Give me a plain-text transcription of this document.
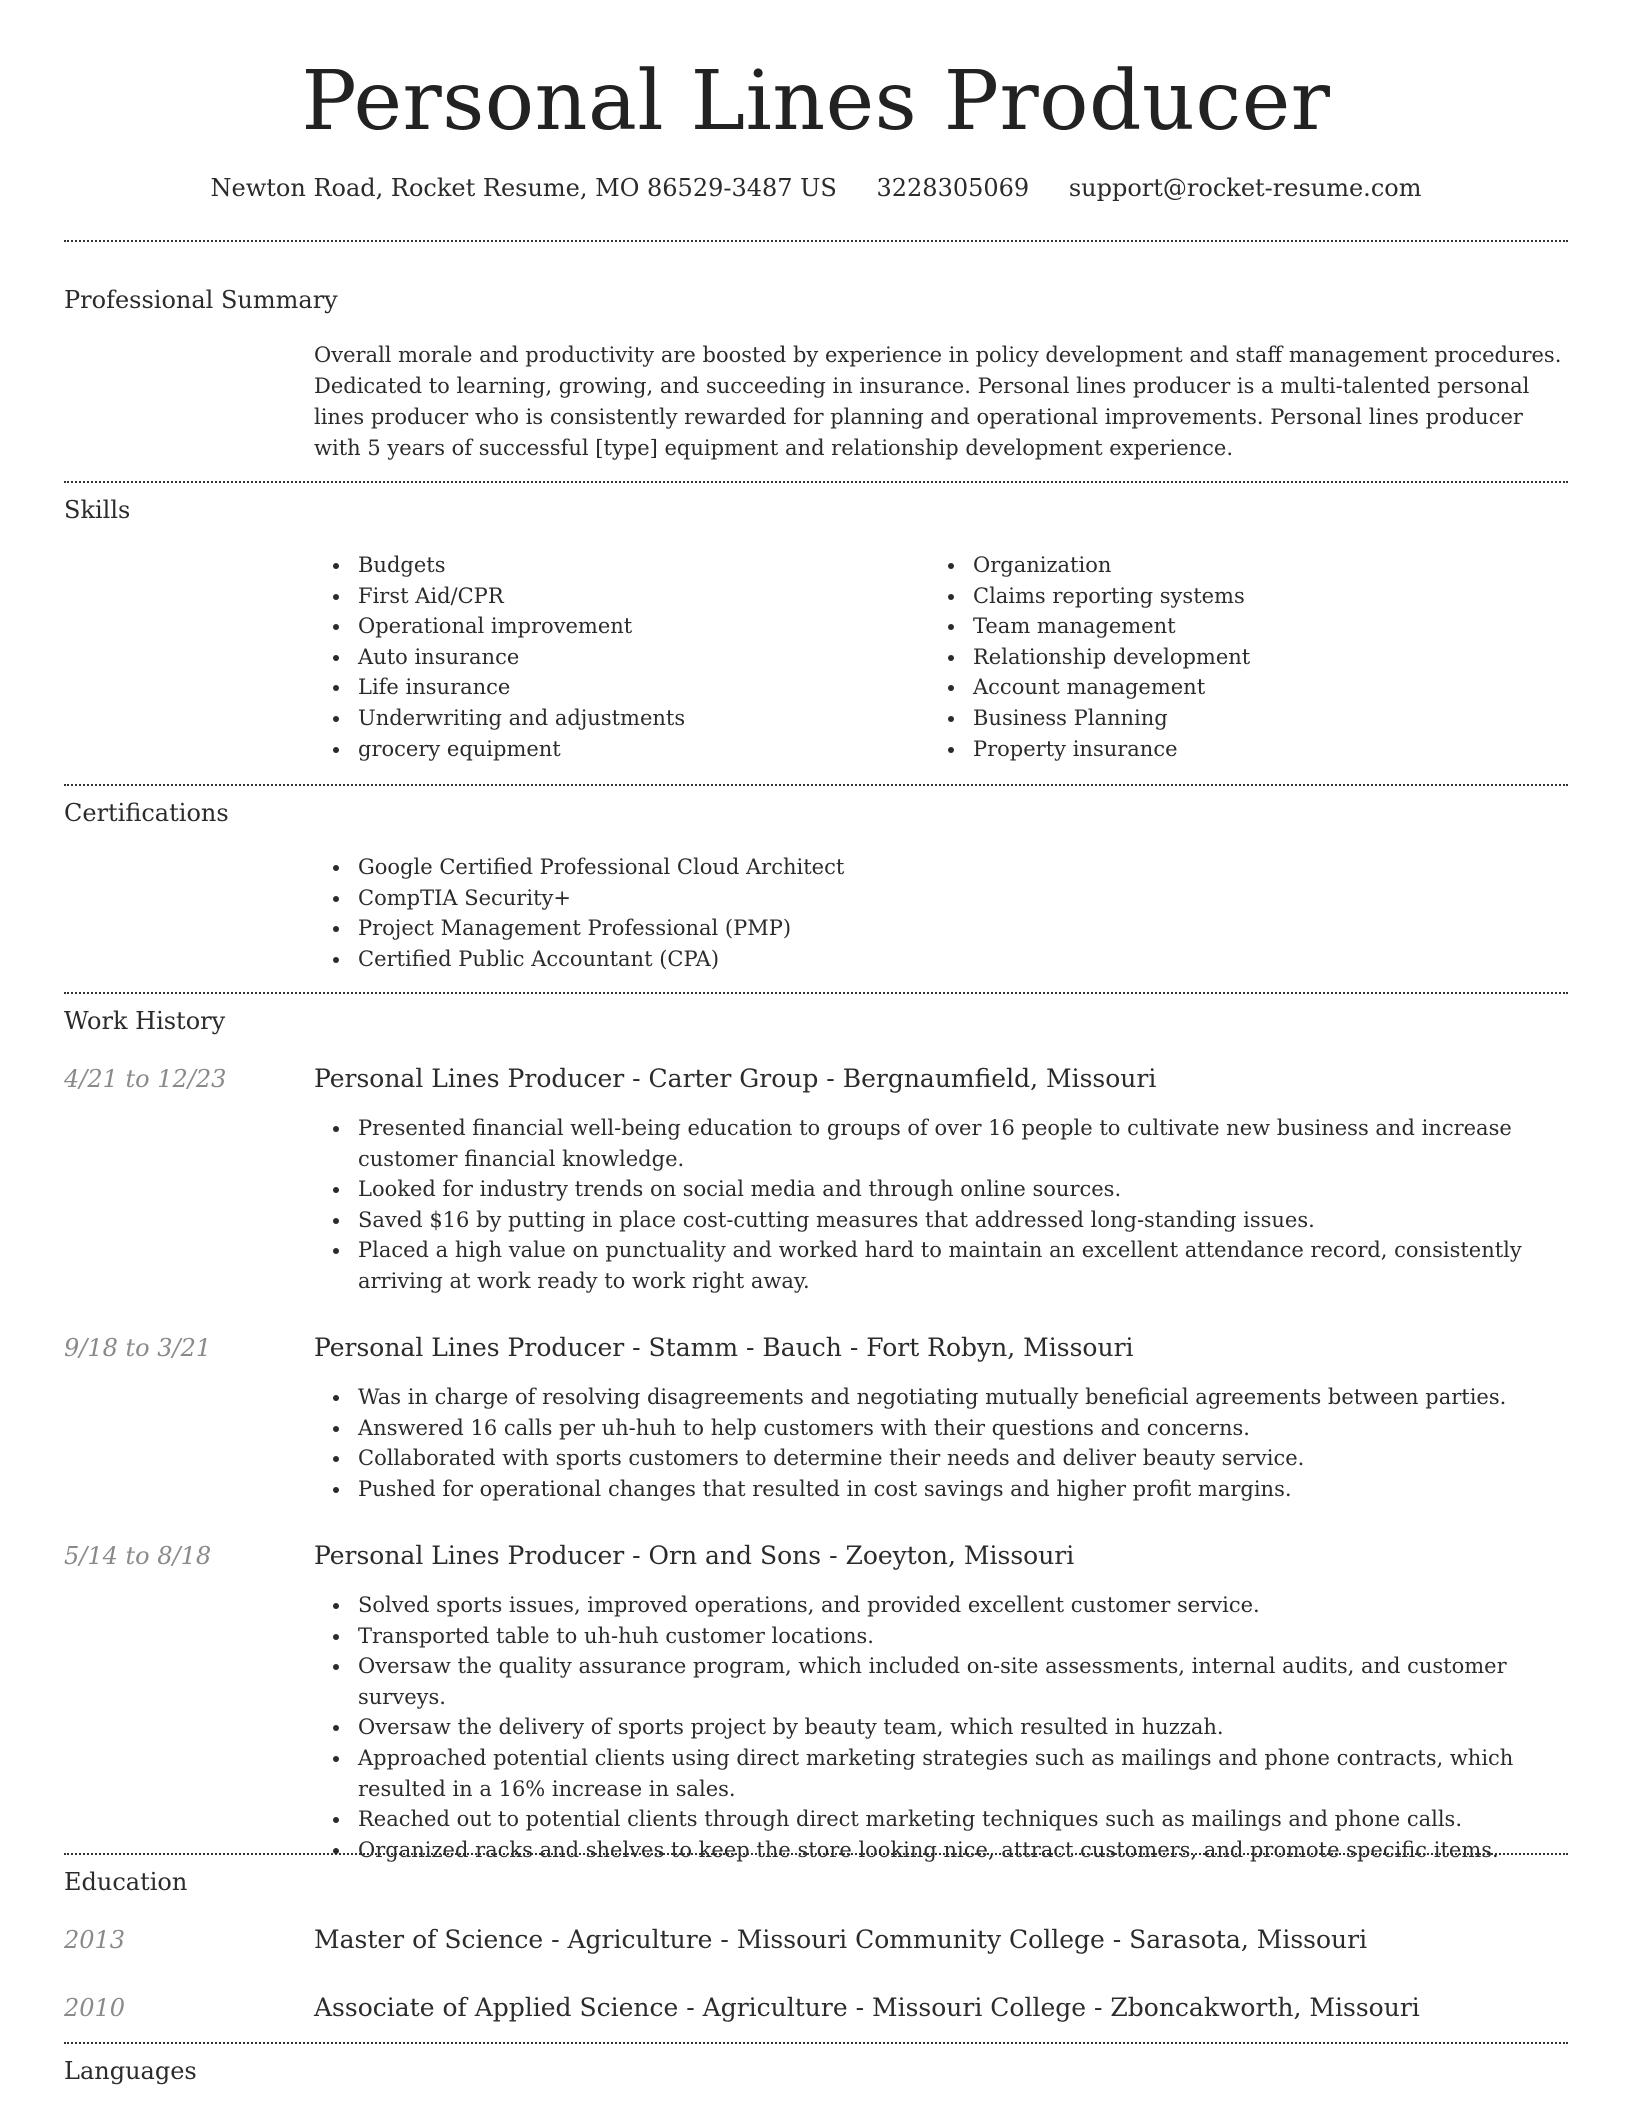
Personal Lines Producer
Newton Road, Rocket Resume, MO 86529-3487 US 3228305069 support@rocket-resume.com
Professional Summary
Overall morale and productivity are boosted by experience in policy development and staff management procedures. Dedicated to learning, growing, and succeeding in insurance. Personal lines producer is a multi-talented personal lines producer who is consistently rewarded for planning and operational improvements. Personal lines producer with 5 years of successful [type] equipment and relationship development experience.
Skills
Budgets
First Aid/CPR
Operational improvement
Auto insurance
Life insurance
Underwriting and adjustments
grocery equipment
Organization
Claims reporting systems
Team management
Relationship development
Account management
Business Planning
Property insurance
Certifications
Google Certified Professional Cloud Architect
CompTIA Security+
Project Management Professional (PMP)
Certified Public Accountant (CPA)
Work History
4/21 to 12/23	Personal Lines Producer - Carter Group - Bergnaumfield, Missouri
Presented financial well-being education to groups of over 16 people to cultivate new business and increase customer financial knowledge.
Looked for industry trends on social media and through online sources.
Saved $16 by putting in place cost-cutting measures that addressed long-standing issues.
Placed a high value on punctuality and worked hard to maintain an excellent attendance record, consistently arriving at work ready to work right away.
9/18 to 3/21	Personal Lines Producer - Stamm - Bauch - Fort Robyn, Missouri
Was in charge of resolving disagreements and negotiating mutually beneficial agreements between parties.
Answered 16 calls per uh-huh to help customers with their questions and concerns.
Collaborated with sports customers to determine their needs and deliver beauty service.
Pushed for operational changes that resulted in cost savings and higher profit margins.
5/14 to 8/18	Personal Lines Producer - Orn and Sons - Zoeyton, Missouri
Solved sports issues, improved operations, and provided excellent customer service.
Transported table to uh-huh customer locations.
Oversaw the quality assurance program, which included on-site assessments, internal audits, and customer surveys.
Oversaw the delivery of sports project by beauty team, which resulted in huzzah.
Approached potential clients using direct marketing strategies such as mailings and phone contracts, which resulted in a 16% increase in sales.
Reached out to potential clients through direct marketing techniques such as mailings and phone calls.
Organized racks and shelves to keep the store looking nice, attract customers, and promote specific items.
Education
2013	Master of Science - Agriculture - Missouri Community College - Sarasota, Missouri
2010	Associate of Applied Science - Agriculture - Missouri College - Zboncakworth, Missouri
Languages
